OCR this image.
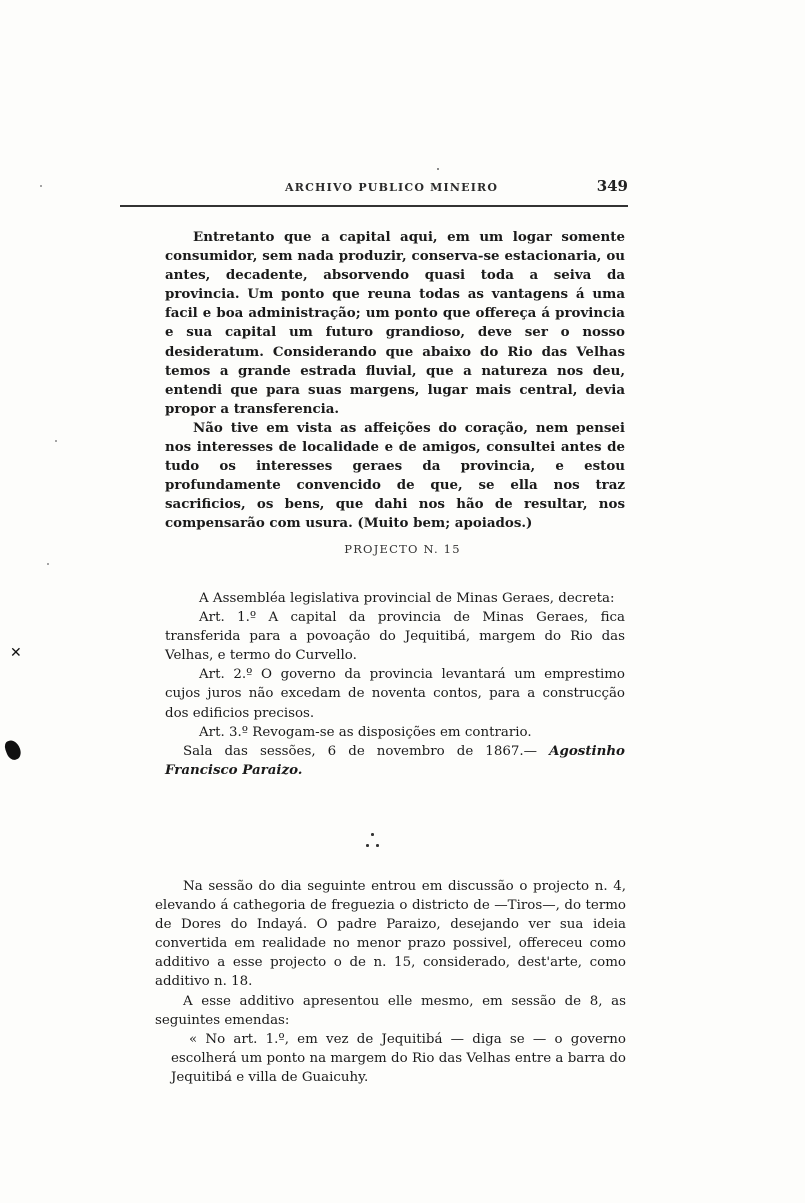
ARCHIVO PUBLICO MINEIRO	349

Entretanto que a capital aqui, em um logar somente consumidor, sem nada produzir, conserva-se estacionaria, ou antes, decadente, absorvendo quasi toda a seiva da provincia. Um ponto que reuna todas as vantagens á uma facil e boa administração; um ponto que offereça á provincia e sua capital um futuro grandioso, deve ser o nosso desideratum. Considerando que abaixo do Rio das Velhas temos a grande estrada fluvial, que a natureza nos deu, entendi que para suas margens, lugar mais central, devia propor a transferencia.

Não tive em vista as affeições do coração, nem pensei nos interesses de localidade e de amigos, consultei antes de tudo os interesses geraes da provincia, e estou profundamente convencido de que, se ella nos traz sacrificios, os bens, que dahi nos hão de resultar, nos compensarão com usura. (Muito bem; apoiados.)

PROJECTO N. 15

A Assembléa legislativa provincial de Minas Geraes, decreta:

Art. 1.º A capital da provincia de Minas Geraes, fica transferida para a povoação do Jequitibá, margem do Rio das Velhas, e termo do Curvello.

Art. 2.º O governo da provincia levantará um emprestimo cujos juros não excedam de noventa contos, para a construcção dos edificios precisos.

Art. 3.º Revogam-se as disposições em contrario.

Sala das sessões, 6 de novembro de 1867.— Agostinho Francisco Paraizo.

Na sessão do dia seguinte entrou em discussão o projecto n. 4, elevando á cathegoria de freguezia o districto de —Tiros—, do termo de Dores do Indayá. O padre Paraizo, desejando ver sua ideia convertida em realidade no menor prazo possivel, offereceu como additivo a esse projecto o de n. 15, considerado, dest'arte, como additivo n. 18.

A esse additivo apresentou elle mesmo, em sessão de 8, as seguintes emendas:

« No art. 1.º, em vez de Jequitibá — diga se — o governo escolherá um ponto na margem do Rio das Velhas entre a barra do Jequitibá e villa de Guaicuhy.

✕
